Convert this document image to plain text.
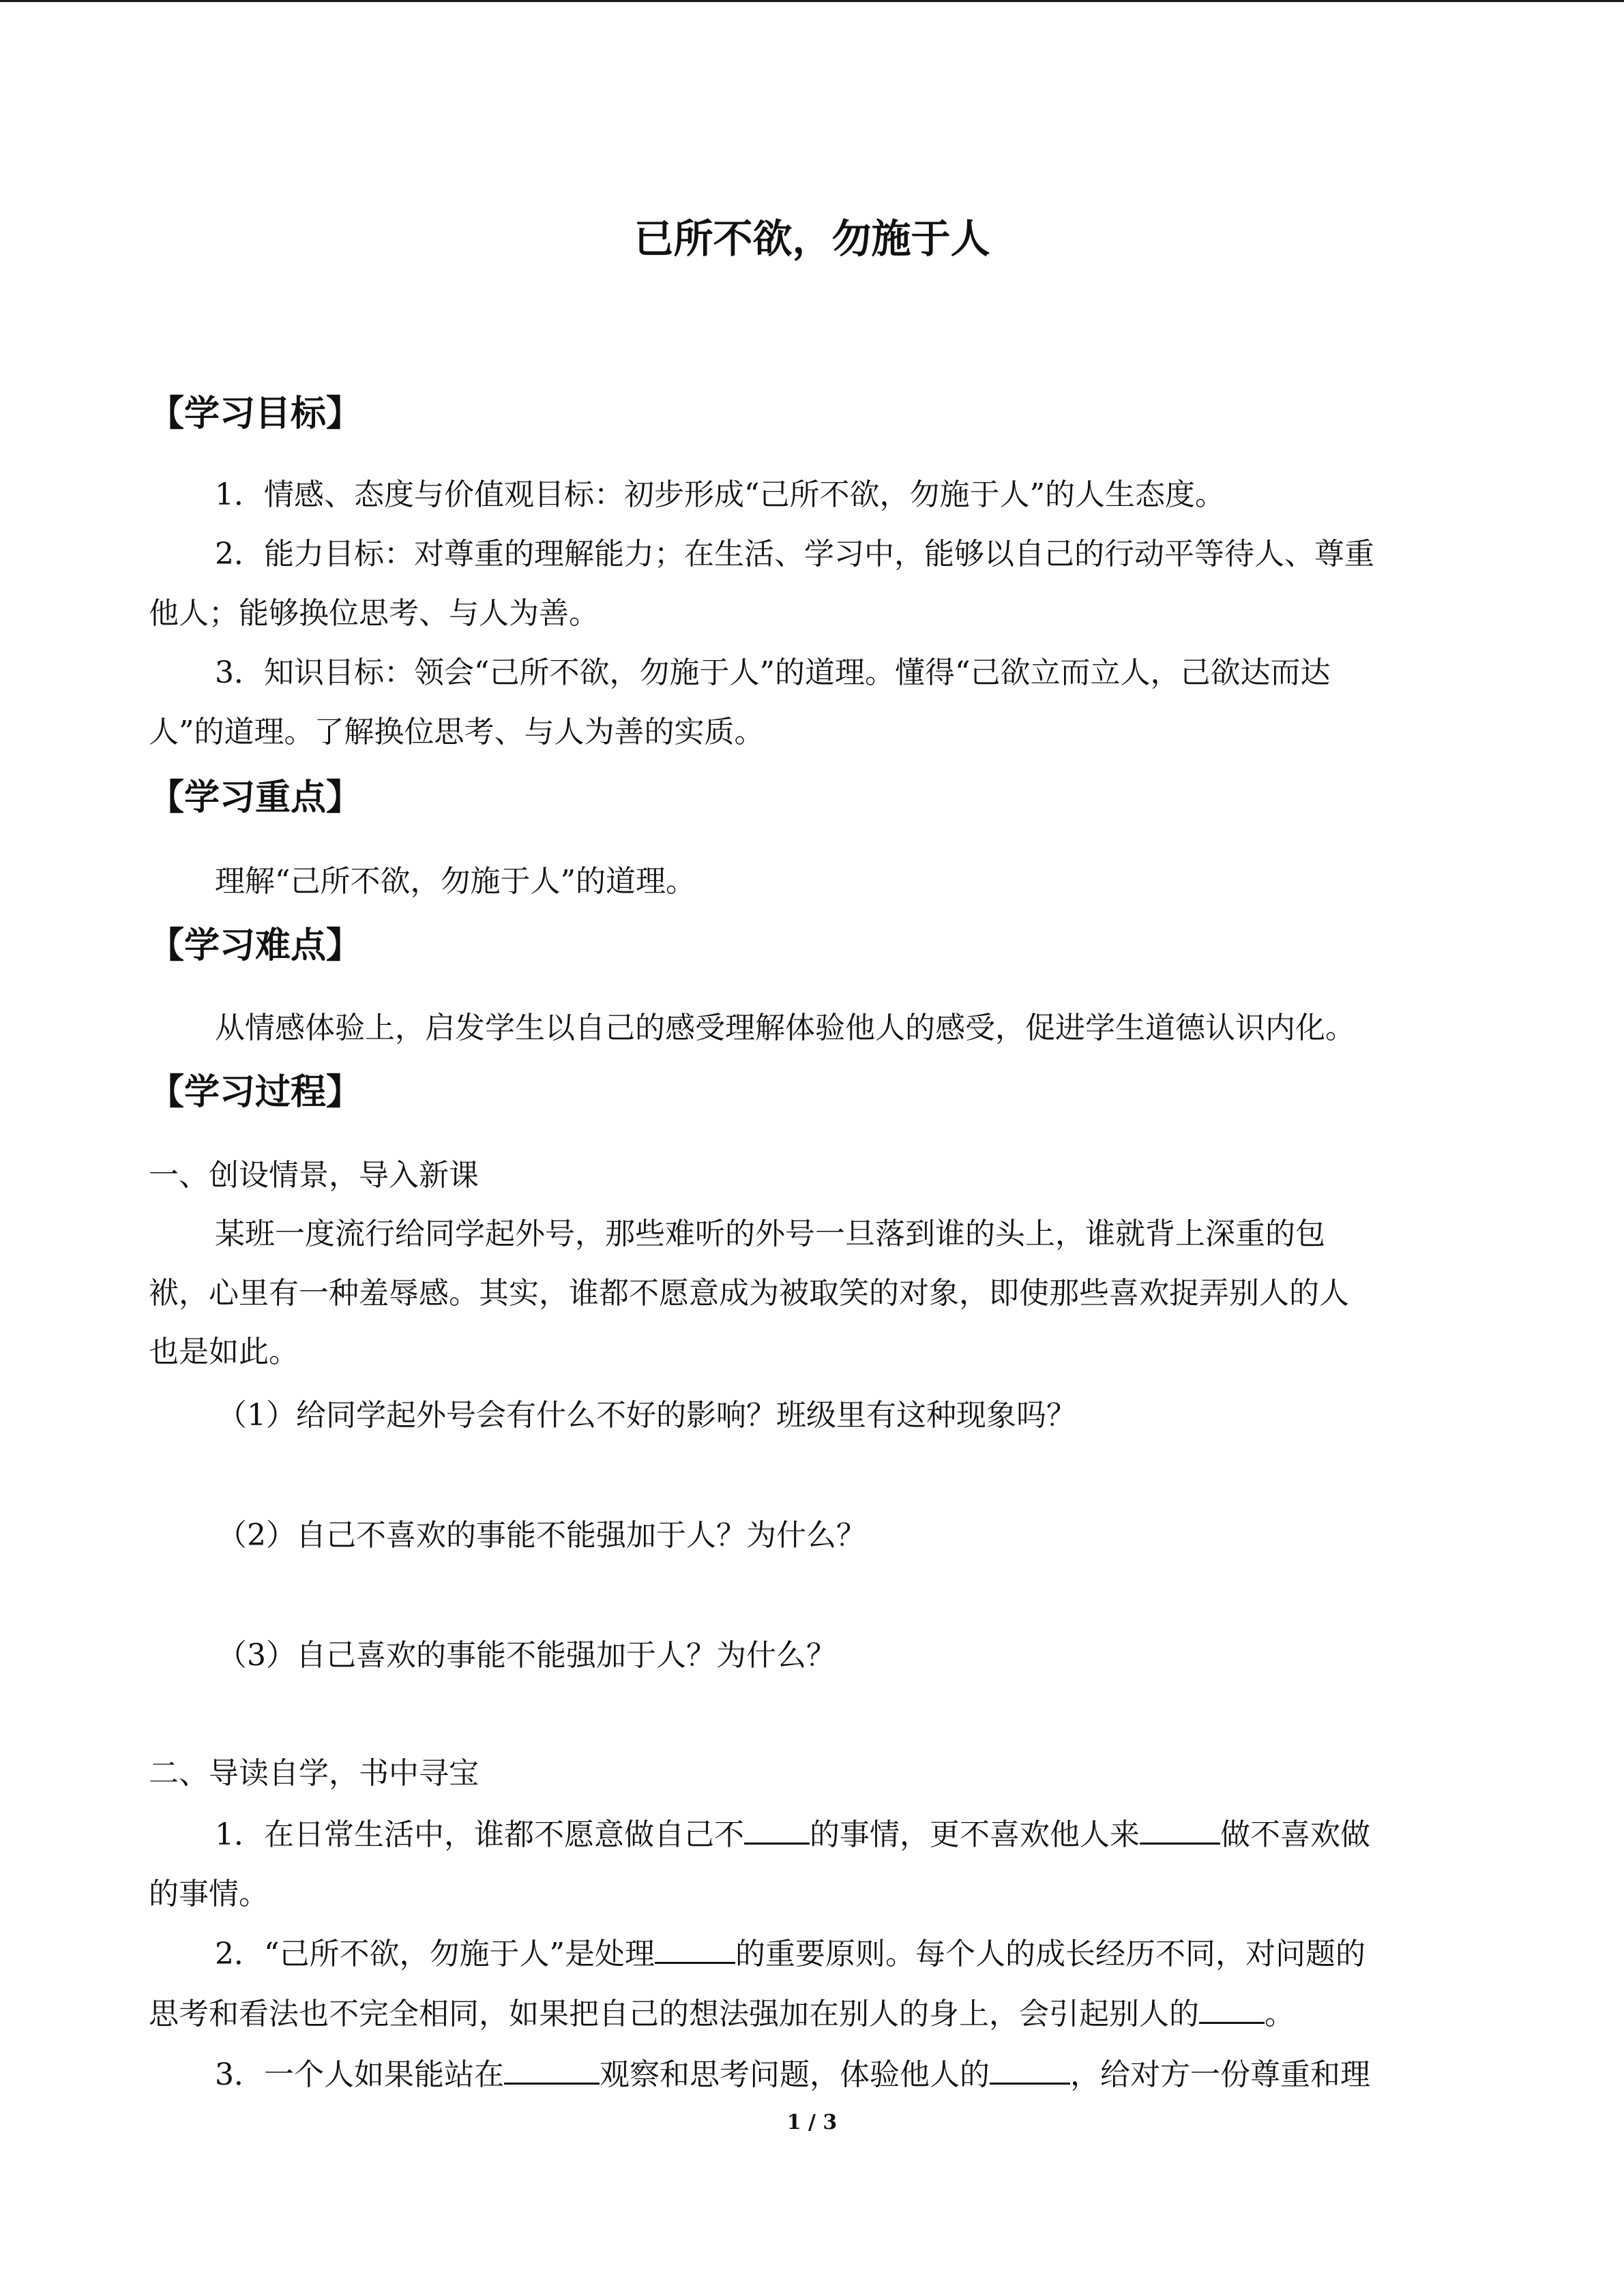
已所不欲，勿施于人
【学习目标】
1．情感、态度与价值观目标：初步形成“己所不欲，勿施于人”的人生态度。
2．能力目标：对尊重的理解能力；在生活、学习中，能够以自己的行动平等待人、尊重
他人；能够换位思考、与人为善。
3．知识目标：领会“己所不欲，勿施于人”的道理。懂得“己欲立而立人，己欲达而达
人”的道理。了解换位思考、与人为善的实质。
【学习重点】
理解“己所不欲，勿施于人”的道理。
【学习难点】
从情感体验上，启发学生以自己的感受理解体验他人的感受，促进学生道德认识内化。
【学习过程】
一、创设情景，导入新课
某班一度流行给同学起外号，那些难听的外号一旦落到谁的头上，谁就背上深重的包
袱，心里有一种羞辱感。其实，谁都不愿意成为被取笑的对象，即使那些喜欢捉弄别人的人
也是如此。
（1）给同学起外号会有什么不好的影响？班级里有这种现象吗？
（2）自己不喜欢的事能不能强加于人？为什么？
（3）自己喜欢的事能不能强加于人？为什么？
二、导读自学，书中寻宝
1．在日常生活中，谁都不愿意做自己不 的事情，更不喜欢他人来	做不喜欢做
的事情。
2．“己所不欲，勿施于人”是处理	的重要原则。每个人的成长经历不同，对问题的
思考和看法也不完全相同，如果把自己的想法强加在别人的身上，会引起别人的 。
3．一个人如果能站在	观察和思考问题，体验他人的	，给对方一份尊重和理
1 / 3
